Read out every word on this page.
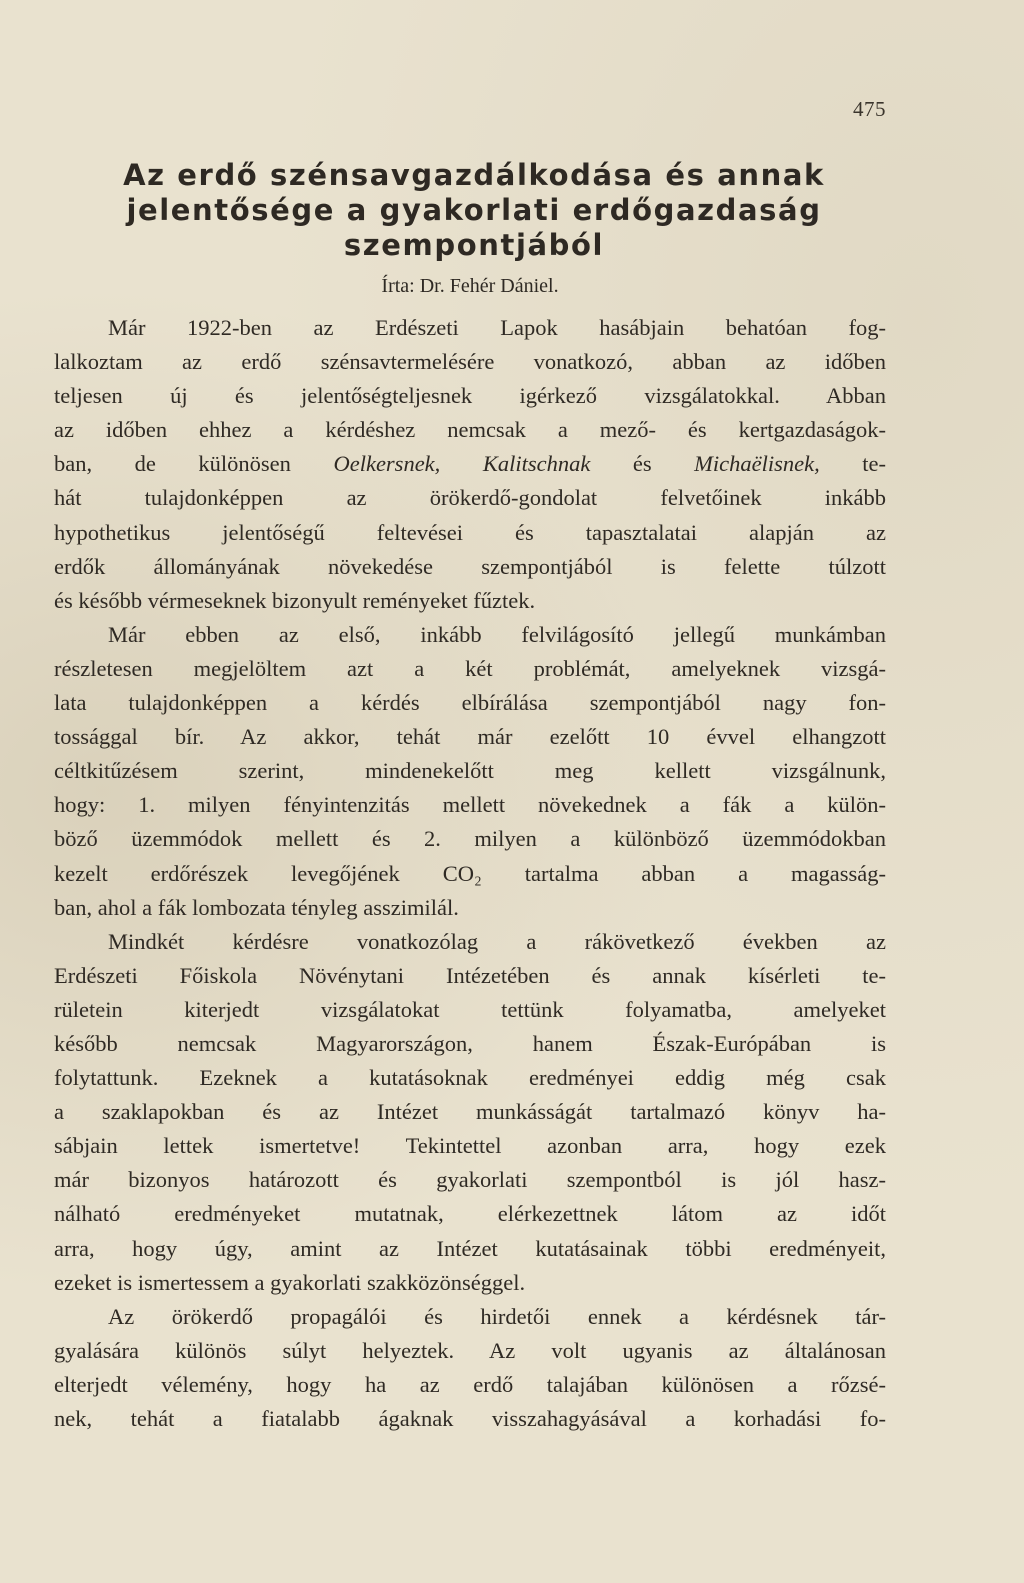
475
Az erdő szénsavgazdálkodása és annak
jelentősége a gyakorlati erdőgazdaság
szempontjából
Írta: Dr. Fehér Dániel.
Már 1922-ben az Erdészeti Lapok hasábjain behatóan fog-
lalkoztam az erdő szénsavtermelésére vonatkozó, abban az időben
teljesen új és jelentőségteljesnek igérkező vizsgálatokkal. Abban
az időben ehhez a kérdéshez nemcsak a mező- és kertgazdaságok-
ban, de különösen Oelkersnek, Kalitschnak és Michaëlisnek, te-
hát tulajdonképpen az örökerdő-gondolat felvetőinek inkább
hypothetikus jelentőségű feltevései és tapasztalatai alapján az
erdők állományának növekedése szempontjából is felette túlzott
és később vérmeseknek bizonyult reményeket fűztek.
Már ebben az első, inkább felvilágosító jellegű munkámban
részletesen megjelöltem azt a két problémát, amelyeknek vizsgá-
lata tulajdonképpen a kérdés elbírálása szempontjából nagy fon-
tossággal bír. Az akkor, tehát már ezelőtt 10 évvel elhangzott
céltkitűzésem szerint, mindenekelőtt meg kellett vizsgálnunk,
hogy: 1. milyen fényintenzitás mellett növekednek a fák a külön-
böző üzemmódok mellett és 2. milyen a különböző üzemmódokban
kezelt erdőrészek levegőjének CO₂ tartalma abban a magasság-
ban, ahol a fák lombozata tényleg asszimilál.
Mindkét kérdésre vonatkozólag a rákövetkező években az
Erdészeti Főiskola Növénytani Intézetében és annak kísérleti te-
rületein kiterjedt vizsgálatokat tettünk folyamatba, amelyeket
később nemcsak Magyarországon, hanem Észak-Európában is
folytattunk. Ezeknek a kutatásoknak eredményei eddig még csak
a szaklapokban és az Intézet munkásságát tartalmazó könyv ha-
sábjain lettek ismertetve! Tekintettel azonban arra, hogy ezek
már bizonyos határozott és gyakorlati szempontból is jól hasz-
nálható eredményeket mutatnak, elérkezettnek látom az időt
arra, hogy úgy, amint az Intézet kutatásainak többi eredményeit,
ezeket is ismertessem a gyakorlati szakközönséggel.
Az örökerdő propagálói és hirdetői ennek a kérdésnek tár-
gyalására különös súlyt helyeztek. Az volt ugyanis az általánosan
elterjedt vélemény, hogy ha az erdő talajában különösen a rőzsé-
nek, tehát a fiatalabb ágaknak visszahagyásával a korhadási fo-
